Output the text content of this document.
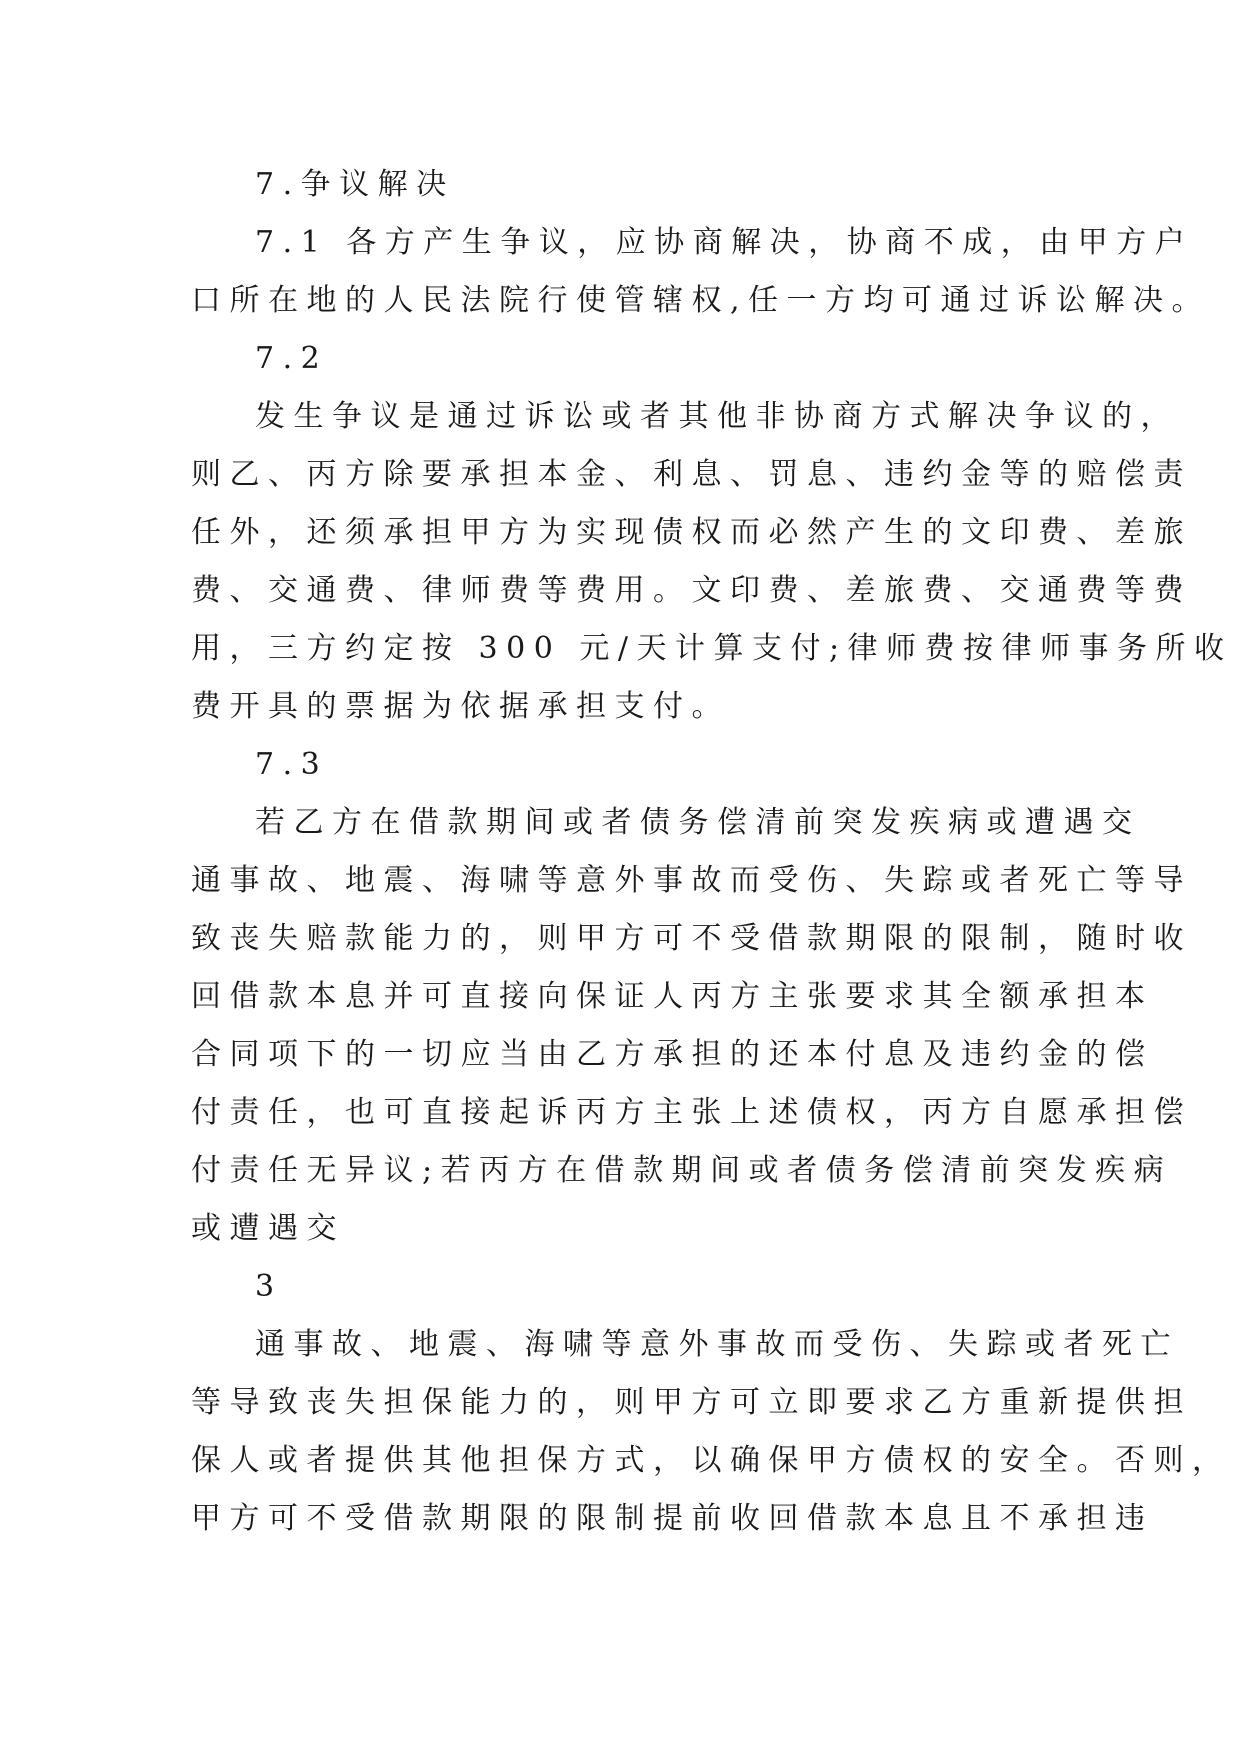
7.争议解决
7.1 各方产生争议，应协商解决，协商不成，由甲方户
口所在地的人民法院行使管辖权,任一方均可通过诉讼解决。
7.2
发生争议是通过诉讼或者其他非协商方式解决争议的，
则乙、丙方除要承担本金、利息、罚息、违约金等的赔偿责
任外，还须承担甲方为实现债权而必然产生的文印费、差旅
费、交通费、律师费等费用。文印费、差旅费、交通费等费
用，三方约定按 300 元/天计算支付;律师费按律师事务所收
费开具的票据为依据承担支付。
7.3
若乙方在借款期间或者债务偿清前突发疾病或遭遇交
通事故、地震、海啸等意外事故而受伤、失踪或者死亡等导
致丧失赔款能力的，则甲方可不受借款期限的限制，随时收
回借款本息并可直接向保证人丙方主张要求其全额承担本
合同项下的一切应当由乙方承担的还本付息及违约金的偿
付责任，也可直接起诉丙方主张上述债权，丙方自愿承担偿
付责任无异议;若丙方在借款期间或者债务偿清前突发疾病
或遭遇交
3
通事故、地震、海啸等意外事故而受伤、失踪或者死亡
等导致丧失担保能力的，则甲方可立即要求乙方重新提供担
保人或者提供其他担保方式，以确保甲方债权的安全。否则，
甲方可不受借款期限的限制提前收回借款本息且不承担违
